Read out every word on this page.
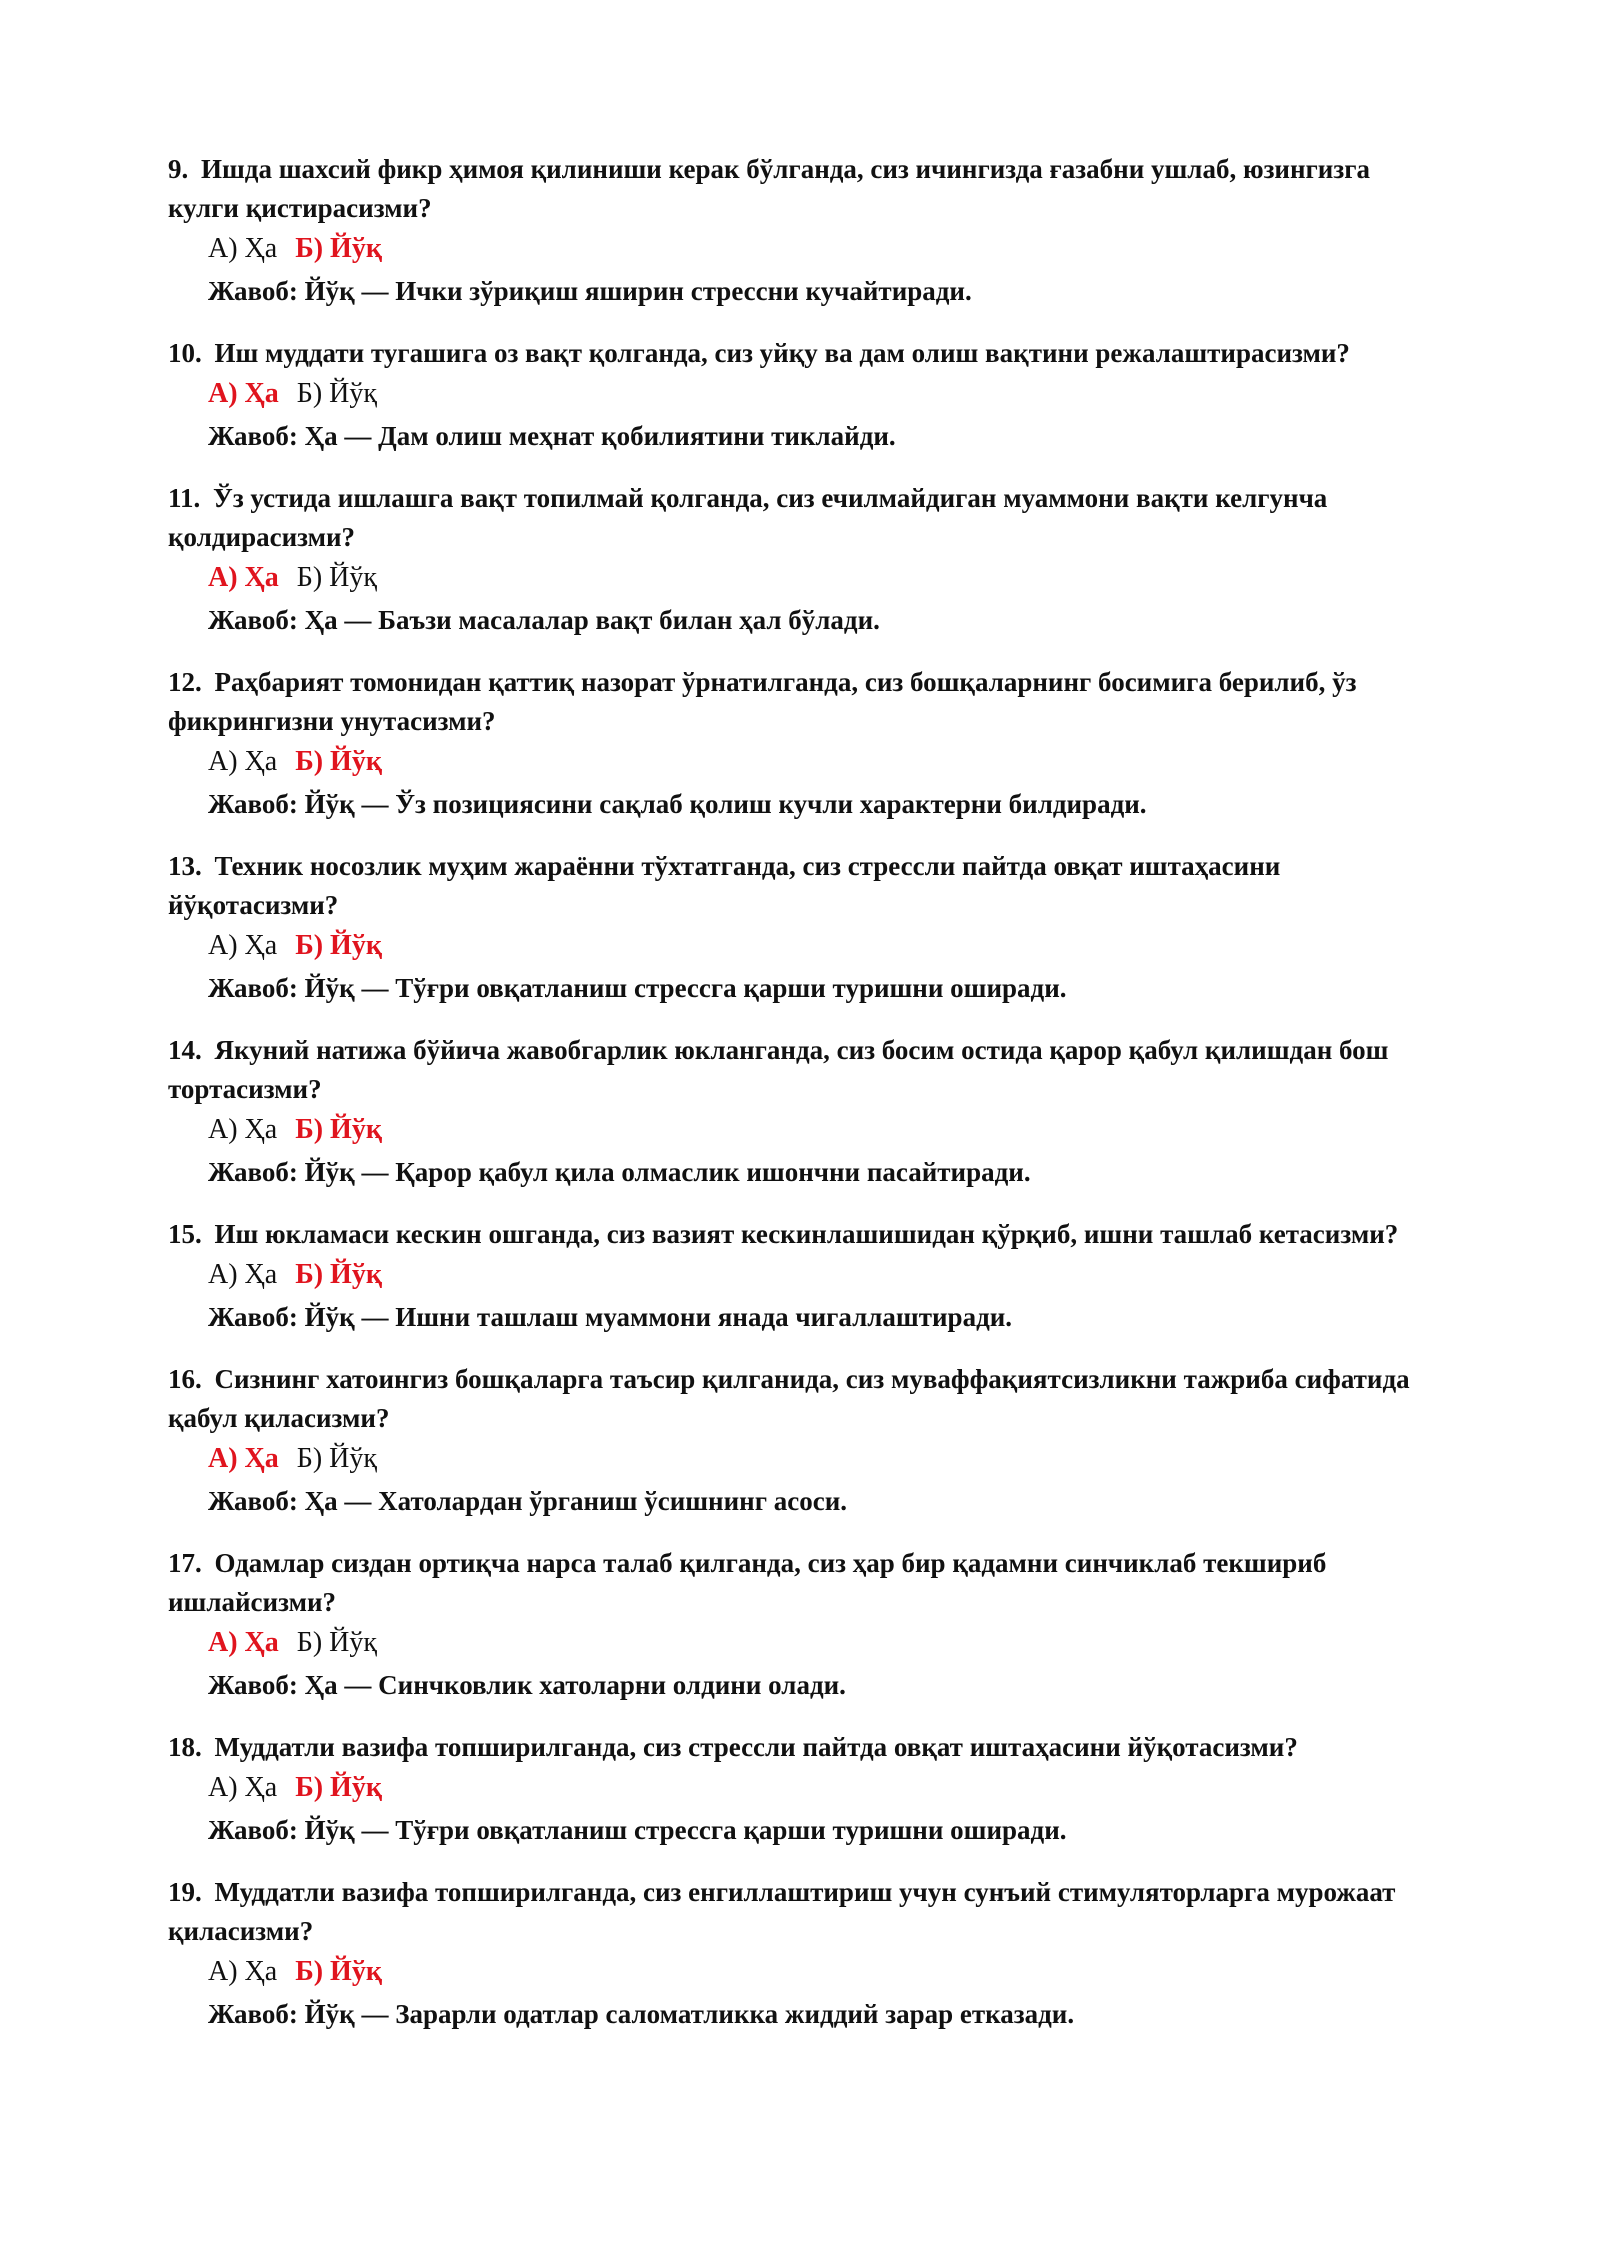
9. Ишда шахсий фикр ҳимоя қилиниши керак бўлганда, сиз ичингизда ғазабни ушлаб, юзингизга кулги қистирасизми?

А) Ҳа Б) Йўқ

Жавоб: Йўқ — Ички зўриқиш яширин стрессни кучайтиради.

10. Иш муддати тугашига оз вақт қолганда, сиз уйқу ва дам олиш вақтини режалаштирасизми?

А) Ҳа Б) Йўқ

Жавоб: Ҳа — Дам олиш меҳнат қобилиятини тиклайди.

11. Ўз устида ишлашга вақт топилмай қолганда, сиз ечилмайдиган муаммони вақти келгунча қолдирасизми?

А) Ҳа Б) Йўқ

Жавоб: Ҳа — Баъзи масалалар вақт билан ҳал бўлади.

12. Раҳбарият томонидан қаттиқ назорат ўрнатилганда, сиз бошқаларнинг босимига берилиб, ўз фикрингизни унутасизми?

А) Ҳа Б) Йўқ

Жавоб: Йўқ — Ўз позициясини сақлаб қолиш кучли характерни билдиради.

13. Техник носозлик муҳим жараённи тўхтатганда, сиз стрессли пайтда овқат иштаҳасини йўқотасизми?

А) Ҳа Б) Йўқ

Жавоб: Йўқ — Тўғри овқатланиш стрессга қарши туришни оширади.

14. Якуний натижа бўйича жавобгарлик юкланганда, сиз босим остида қарор қабул қилишдан бош тортасизми?

А) Ҳа Б) Йўқ

Жавоб: Йўқ — Қарор қабул қила олмаслик ишончни пасайтиради.

15. Иш юкламаси кескин ошганда, сиз вазият кескинлашишидан қўрқиб, ишни ташлаб кетасизми?

А) Ҳа Б) Йўқ

Жавоб: Йўқ — Ишни ташлаш муаммони янада чигаллаштиради.

16. Сизнинг хатоингиз бошқаларга таъсир қилганида, сиз муваффақиятсизликни тажриба сифатида қабул қиласизми?

А) Ҳа Б) Йўқ

Жавоб: Ҳа — Хатолардан ўрганиш ўсишнинг асоси.

17. Одамлар сиздан ортиқча нарса талаб қилганда, сиз ҳар бир қадамни синчиклаб текшириб ишлайсизми?

А) Ҳа Б) Йўқ

Жавоб: Ҳа — Синчковлик хатоларни олдини олади.

18. Муддатли вазифа топширилганда, сиз стрессли пайтда овқат иштаҳасини йўқотасизми?

А) Ҳа Б) Йўқ

Жавоб: Йўқ — Тўғри овқатланиш стрессга қарши туришни оширади.

19. Муддатли вазифа топширилганда, сиз енгиллаштириш учун сунъий стимуляторларга мурожаат қиласизми?

А) Ҳа Б) Йўқ

Жавоб: Йўқ — Зарарли одатлар саломатликка жиддий зарар етказади.
